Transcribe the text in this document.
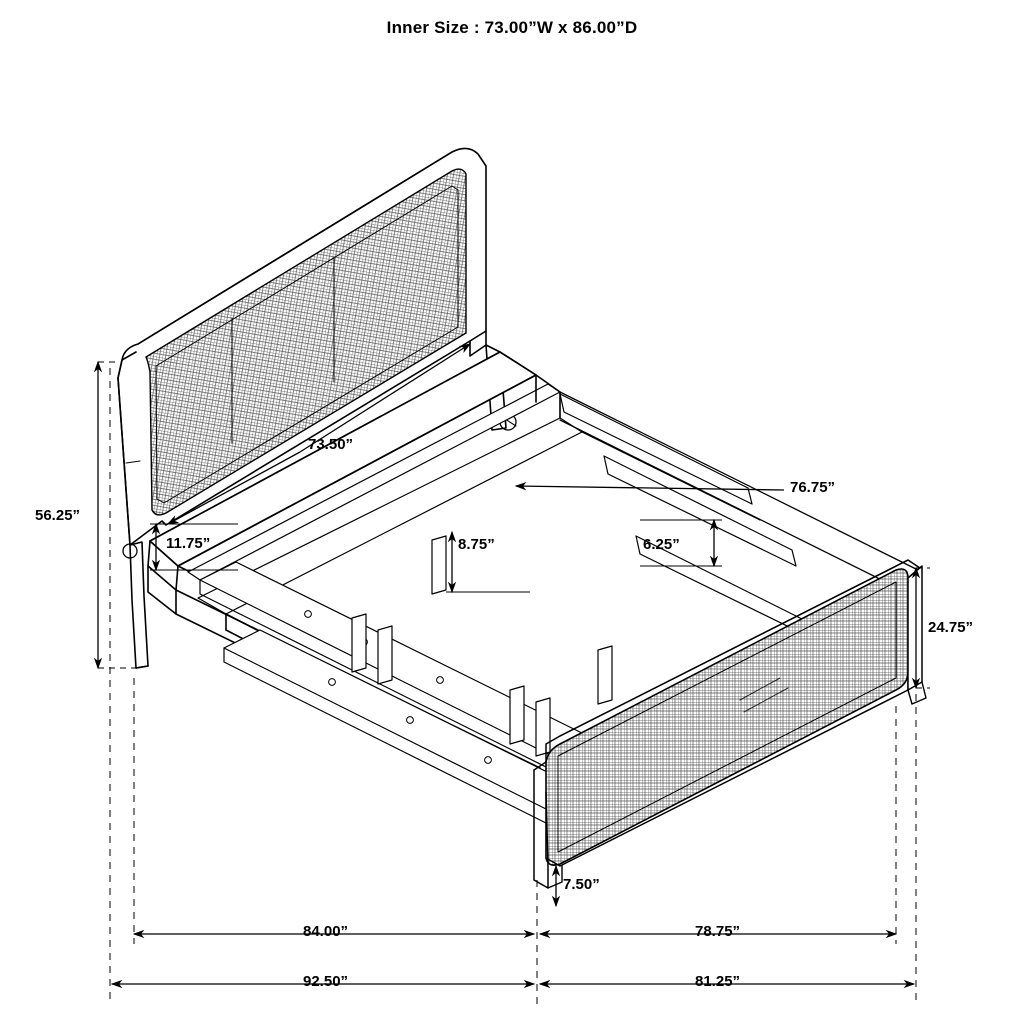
Inner Size : 73.00”W x 86.00”D
56.25”
73.50”
76.75”
11.75”	8.75”	6.25”
24.75”
7.50”
84.00”	78.75”
92.50”	81.25”
